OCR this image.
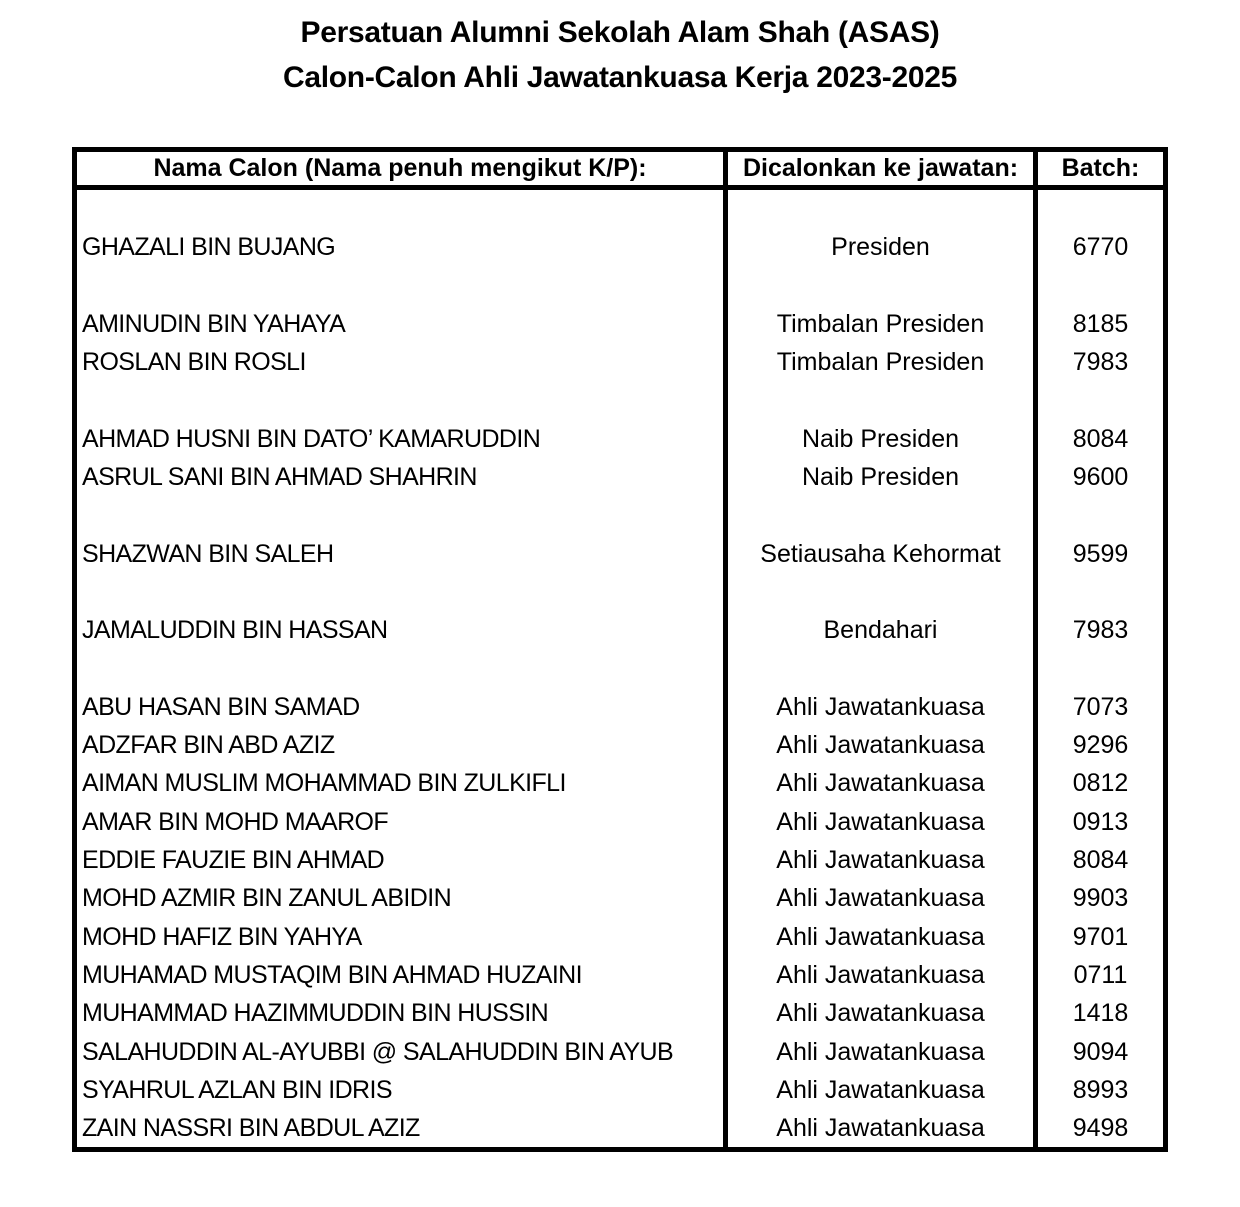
Persatuan Alumni Sekolah Alam Shah (ASAS)
Calon-Calon Ahli Jawatankuasa Kerja 2023-2025
Nama Calon (Nama penuh mengikut K/P):	Dicalonkan ke jawatan:	Batch:
GHAZALI BIN BUJANG	Presiden	6770
AMINUDIN BIN YAHAYA	Timbalan Presiden	8185
ROSLAN BIN ROSLI	Timbalan Presiden	7983
AHMAD HUSNI BIN DATO’ KAMARUDDIN	Naib Presiden	8084
ASRUL SANI BIN AHMAD SHAHRIN	Naib Presiden	9600
SHAZWAN BIN SALEH	Setiausaha Kehormat	9599
JAMALUDDIN BIN HASSAN	Bendahari	7983
ABU HASAN BIN SAMAD	Ahli Jawatankuasa	7073
ADZFAR BIN ABD AZIZ	Ahli Jawatankuasa	9296
AIMAN MUSLIM MOHAMMAD BIN ZULKIFLI	Ahli Jawatankuasa	0812
AMAR BIN MOHD MAAROF	Ahli Jawatankuasa	0913
EDDIE FAUZIE BIN AHMAD	Ahli Jawatankuasa	8084
MOHD AZMIR BIN ZANUL ABIDIN	Ahli Jawatankuasa	9903
MOHD HAFIZ BIN YAHYA	Ahli Jawatankuasa	9701
MUHAMAD MUSTAQIM BIN AHMAD HUZAINI	Ahli Jawatankuasa	0711
MUHAMMAD HAZIMMUDDIN BIN HUSSIN	Ahli Jawatankuasa	1418
SALAHUDDIN AL-AYUBBI @ SALAHUDDIN BIN AYUB	Ahli Jawatankuasa	9094
SYAHRUL AZLAN BIN IDRIS	Ahli Jawatankuasa	8993
ZAIN NASSRI BIN ABDUL AZIZ	Ahli Jawatankuasa	9498
